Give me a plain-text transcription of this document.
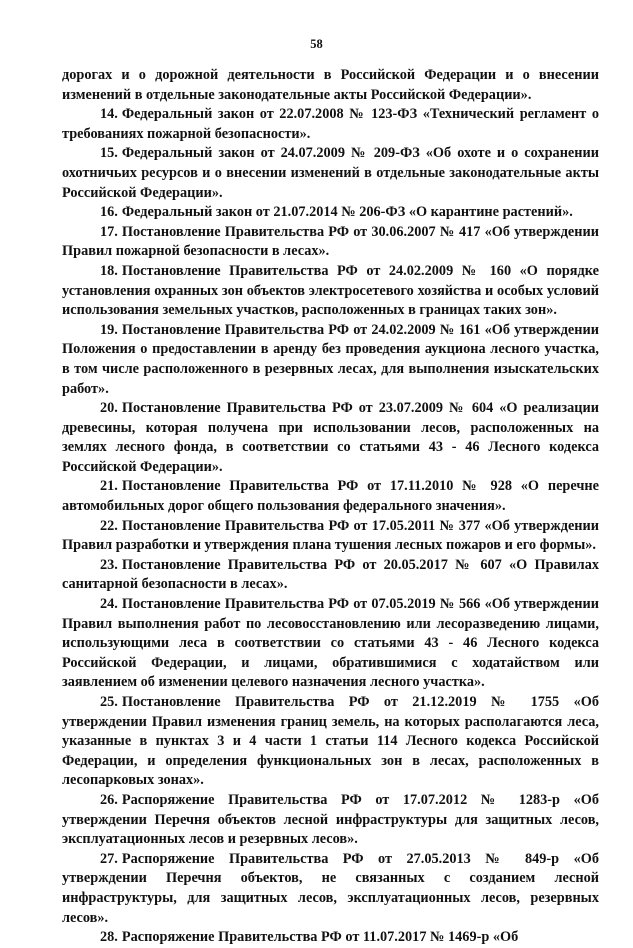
58

дорогах и о дорожной деятельности в Российской Федерации и о внесении изменений в отдельные законодательные акты Российской Федерации».

14. Федеральный закон от 22.07.2008 № 123-ФЗ «Технический регламент о требованиях пожарной безопасности».

15. Федеральный закон от 24.07.2009 № 209-ФЗ «Об охоте и о сохранении охотничьих ресурсов и о внесении изменений в отдельные законодательные акты Российской Федерации».

16. Федеральный закон от 21.07.2014 № 206-ФЗ «О карантине растений».

17. Постановление Правительства РФ от 30.06.2007 № 417 «Об утверждении Правил пожарной безопасности в лесах».

18. Постановление Правительства РФ от 24.02.2009 № 160 «О порядке установления охранных зон объектов электросетевого хозяйства и особых условий использования земельных участков, расположенных в границах таких зон».

19. Постановление Правительства РФ от 24.02.2009 № 161 «Об утверждении Положения о предоставлении в аренду без проведения аукциона лесного участка, в том числе расположенного в резервных лесах, для выполнения изыскательских работ».

20. Постановление Правительства РФ от 23.07.2009 № 604 «О реализации древесины, которая получена при использовании лесов, расположенных на землях лесного фонда, в соответствии со статьями 43 - 46 Лесного кодекса Российской Федерации».

21. Постановление Правительства РФ от 17.11.2010 № 928 «О перечне автомобильных дорог общего пользования федерального значения».

22. Постановление Правительства РФ от 17.05.2011 № 377 «Об утверждении Правил разработки и утверждения плана тушения лесных пожаров и его формы».

23. Постановление Правительства РФ от 20.05.2017 № 607 «О Правилах санитарной безопасности в лесах».

24. Постановление Правительства РФ от 07.05.2019 № 566 «Об утверждении Правил выполнения работ по лесовосстановлению или лесоразведению лицами, использующими леса в соответствии со статьями 43 - 46 Лесного кодекса Российской Федерации, и лицами, обратившимися с ходатайством или заявлением об изменении целевого назначения лесного участка».

25. Постановление Правительства РФ от 21.12.2019 № 1755 «Об утверждении Правил изменения границ земель, на которых располагаются леса, указанные в пунктах 3 и 4 части 1 статьи 114 Лесного кодекса Российской Федерации, и определения функциональных зон в лесах, расположенных в лесопарковых зонах».

26. Распоряжение Правительства РФ от 17.07.2012 № 1283-р «Об утверждении Перечня объектов лесной инфраструктуры для защитных лесов, эксплуатационных лесов и резервных лесов».

27. Распоряжение Правительства РФ от 27.05.2013 № 849-р «Об утверждении Перечня объектов, не связанных с созданием лесной инфраструктуры, для защитных лесов, эксплуатационных лесов, резервных лесов».

28. Распоряжение Правительства РФ от 11.07.2017 № 1469-р «Об
